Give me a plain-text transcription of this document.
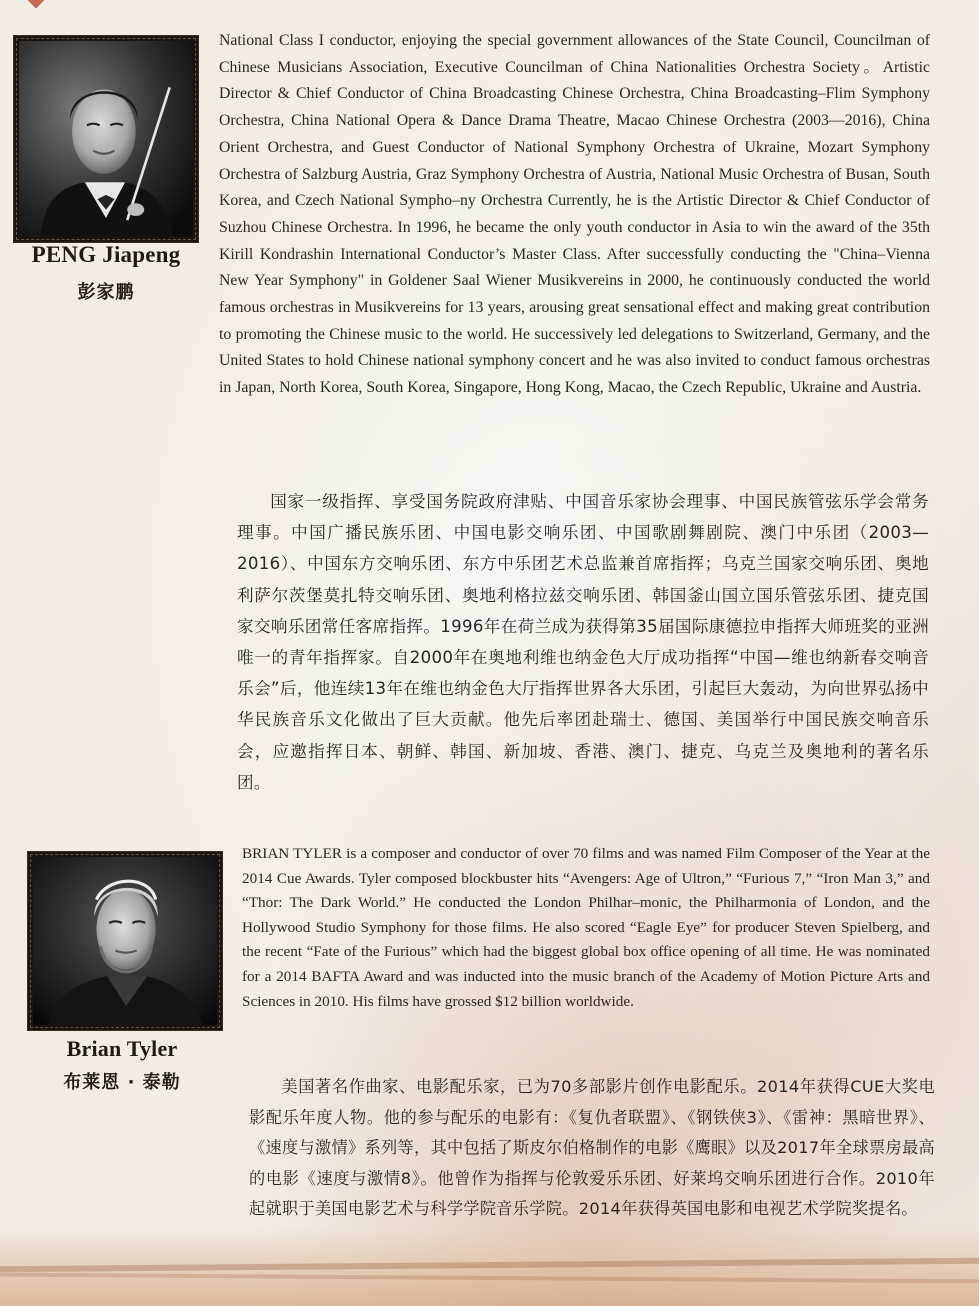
PENG Jiapeng
彭家鹏

National Class I conductor, enjoying the special government allowances of the State Council, Councilman of Chinese Musicians Association, Executive Councilman of China Nationalities Orchestra Society。Artistic Director & Chief Conductor of China Broadcasting Chinese Orchestra, China Broadcasting–Flim Symphony Orchestra, China National Opera & Dance Drama Theatre, Macao Chinese Orchestra (2003—2016), China Orient Orchestra, and Guest Conductor of National Symphony Orchestra of Ukraine, Mozart Symphony Orchestra of Salzburg Austria, Graz Symphony Orchestra of Austria, National Music Orchestra of Busan, South Korea, and Czech National Sympho–ny Orchestra Currently, he is the Artistic Director & Chief Conductor of Suzhou Chinese Orchestra. In 1996, he became the only youth conductor in Asia to win the award of the 35th Kirill Kondrashin International Conductor’s Master Class. After successfully conducting the "China–Vienna New Year Symphony" in Goldener Saal Wiener Musikvereins in 2000, he continuously conducted the world famous orchestras in Musikvereins for 13 years, arousing great sensational effect and making great contribution to promoting the Chinese music to the world. He successively led delegations to Switzerland, Germany, and the United States to hold Chinese national symphony concert and he was also invited to conduct famous orchestras in Japan, North Korea, South Korea, Singapore, Hong Kong, Macao, the Czech Republic, Ukraine and Austria.

国家一级指挥、享受国务院政府津贴、中国音乐家协会理事、中国民族管弦乐学会常务理事。中国广播民族乐团、中国电影交响乐团、中国歌剧舞剧院、澳门中乐团（2003—2016）、中国东方交响乐团、东方中乐团艺术总监兼首席指挥；乌克兰国家交响乐团、奥地利萨尔茨堡莫扎特交响乐团、奥地利格拉兹交响乐团、韩国釜山国立国乐管弦乐团、捷克国家交响乐团常任客席指挥。1996年在荷兰成为获得第35届国际康德拉申指挥大师班奖的亚洲唯一的青年指挥家。自2000年在奥地利维也纳金色大厅成功指挥“中国—维也纳新春交响音乐会”后，他连续13年在维也纳金色大厅指挥世界各大乐团，引起巨大轰动，为向世界弘扬中华民族音乐文化做出了巨大贡献。他先后率团赴瑞士、德国、美国举行中国民族交响音乐会，应邀指挥日本、朝鲜、韩国、新加坡、香港、澳门、捷克、乌克兰及奥地利的著名乐团。

Brian Tyler
布莱恩 · 泰勒

BRIAN TYLER is a composer and conductor of over 70 films and was named Film Composer of the Year at the 2014 Cue Awards. Tyler composed blockbuster hits “Avengers: Age of Ultron,” “Furious 7,” “Iron Man 3,” and “Thor: The Dark World.” He conducted the London Philhar–monic, the Philharmonia of London, and the Hollywood Studio Symphony for those films. He also scored “Eagle Eye” for producer Steven Spielberg, and the recent “Fate of the Furious” which had the biggest global box office opening of all time. He was nominated for a 2014 BAFTA Award and was inducted into the music branch of the Academy of Motion Picture Arts and Sciences in 2010. His films have grossed $12 billion worldwide.

美国著名作曲家、电影配乐家，已为70多部影片创作电影配乐。2014年获得CUE大奖电影配乐年度人物。他的参与配乐的电影有：《复仇者联盟》、《钢铁侠3》、《雷神：黑暗世界》、《速度与激情》系列等，其中包括了斯皮尔伯格制作的电影《鹰眼》以及2017年全球票房最高的电影《速度与激情8》。他曾作为指挥与伦敦爱乐乐团、好莱坞交响乐团进行合作。2010年起就职于美国电影艺术与科学学院音乐学院。2014年获得英国电影和电视艺术学院奖提名。
